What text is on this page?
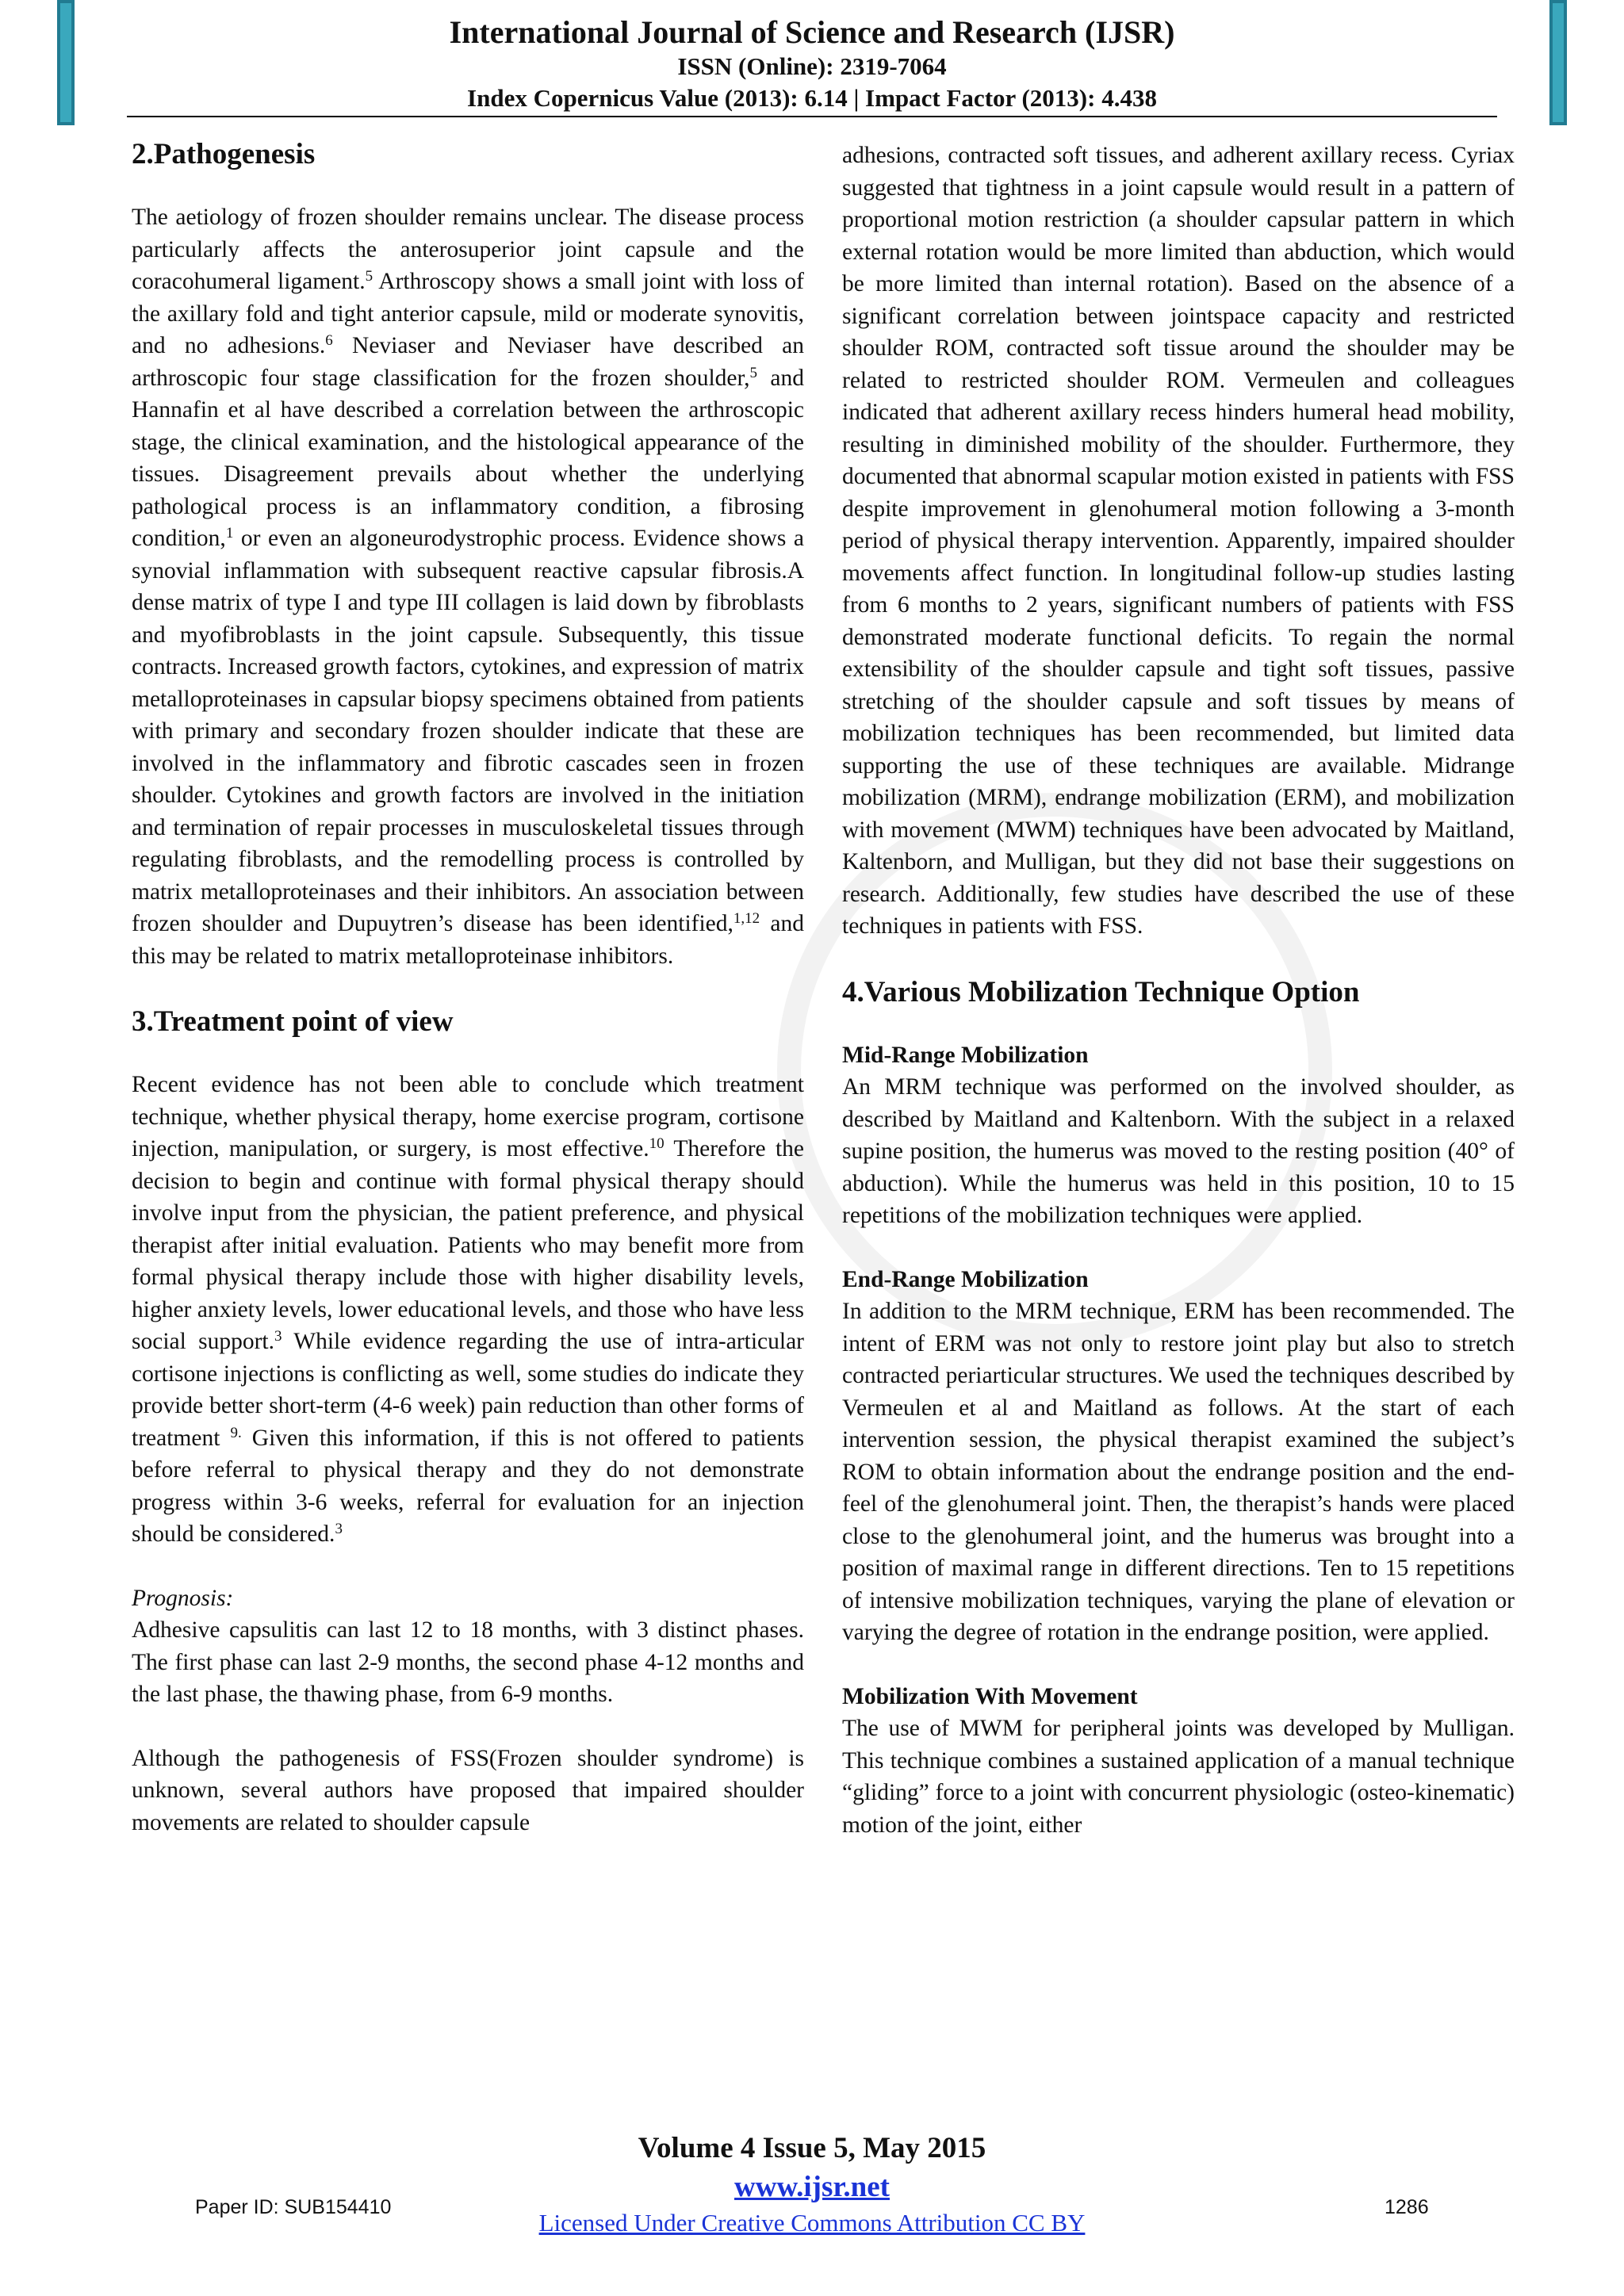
International Journal of Science and Research (IJSR)
ISSN (Online): 2319-7064
Index Copernicus Value (2013): 6.14 | Impact Factor (2013): 4.438
2.Pathogenesis

The aetiology of frozen shoulder remains unclear. The disease process particularly affects the anterosuperior joint capsule and the coracohumeral ligament.$^5$ Arthroscopy shows a small joint with loss of the axillary fold and tight anterior capsule, mild or moderate synovitis, and no adhesions.$^6$ Neviaser and Neviaser have described an arthroscopic four stage classification for the frozen shoulder,$^5$ and Hannafin et al have described a correlation between the arthroscopic stage, the clinical examination, and the histological appearance of the tissues. Disagreement prevails about whether the underlying pathological process is an inflammatory condition, a fibrosing condition,$^1$ or even an algoneurodystrophic process. Evidence shows a synovial inflammation with subsequent reactive capsular fibrosis.A dense matrix of type I and type III collagen is laid down by fibroblasts and myofibroblasts in the joint capsule. Subsequently, this tissue contracts. Increased growth factors, cytokines, and expression of matrix metalloproteinases in capsular biopsy specimens obtained from patients with primary and secondary frozen shoulder indicate that these are involved in the inflammatory and fibrotic cascades seen in frozen shoulder. Cytokines and growth factors are involved in the initiation and termination of repair processes in musculoskeletal tissues through regulating fibroblasts, and the remodelling process is controlled by matrix metalloproteinases and their inhibitors. An association between frozen shoulder and Dupuytren’s disease has been identified,$^{1,12}$ and this may be related to matrix metalloproteinase inhibitors.

3.Treatment point of view

Recent evidence has not been able to conclude which treatment technique, whether physical therapy, home exercise program, cortisone injection, manipulation, or surgery, is most effective.$^{10}$ Therefore the decision to begin and continue with formal physical therapy should involve input from the physician, the patient preference, and physical therapist after initial evaluation. Patients who may benefit more from formal physical therapy include those with higher disability levels, higher anxiety levels, lower educational levels, and those who have less social support.$^3$ While evidence regarding the use of intra-articular cortisone injections is conflicting as well, some studies do indicate they provide better short-term (4-6 week) pain reduction than other forms of treatment $^{9.}$ Given this information, if this is not offered to patients before referral to physical therapy and they do not demonstrate progress within 3-6 weeks, referral for evaluation for an injection should be considered.$^3$

Prognosis:

Adhesive capsulitis can last 12 to 18 months, with 3 distinct phases. The first phase can last 2-9 months, the second phase 4-12 months and the last phase, the thawing phase, from 6-9 months.

Although the pathogenesis of FSS(Frozen shoulder syndrome) is unknown, several authors have proposed that impaired shoulder movements are related to shoulder capsule

adhesions, contracted soft tissues, and adherent axillary recess. Cyriax suggested that tightness in a joint capsule would result in a pattern of proportional motion restriction (a shoulder capsular pattern in which external rotation would be more limited than abduction, which would be more limited than internal rotation). Based on the absence of a significant correlation between jointspace capacity and restricted shoulder ROM, contracted soft tissue around the shoulder may be related to restricted shoulder ROM. Vermeulen and colleagues indicated that adherent axillary recess hinders humeral head mobility, resulting in diminished mobility of the shoulder. Furthermore, they documented that abnormal scapular motion existed in patients with FSS despite improvement in glenohumeral motion following a 3-month period of physical therapy intervention. Apparently, impaired shoulder movements affect function. In longitudinal follow-up studies lasting from 6 months to 2 years, significant numbers of patients with FSS demonstrated moderate functional deficits. To regain the normal extensibility of the shoulder capsule and tight soft tissues, passive stretching of the shoulder capsule and soft tissues by means of mobilization techniques has been recommended, but limited data supporting the use of these techniques are available. Midrange mobilization (MRM), endrange mobilization (ERM), and mobilization with movement (MWM) techniques have been advocated by Maitland, Kaltenborn, and Mulligan, but they did not base their suggestions on research. Additionally, few studies have described the use of these techniques in patients with FSS.

4.Various Mobilization Technique Option
Mid-Range Mobilization

An MRM technique was performed on the involved shoulder, as described by Maitland and Kaltenborn. With the subject in a relaxed supine position, the humerus was moved to the resting position (40° of abduction). While the humerus was held in this position, 10 to 15 repetitions of the mobilization techniques were applied.

End-Range Mobilization

In addition to the MRM technique, ERM has been recommended. The intent of ERM was not only to restore joint play but also to stretch contracted periarticular structures. We used the techniques described by Vermeulen et al and Maitland as follows. At the start of each intervention session, the physical therapist examined the subject’s ROM to obtain information about the endrange position and the end-feel of the glenohumeral joint. Then, the therapist’s hands were placed close to the glenohumeral joint, and the humerus was brought into a position of maximal range in different directions. Ten to 15 repetitions of intensive mobilization techniques, varying the plane of elevation or varying the degree of rotation in the endrange position, were applied.

Mobilization With Movement

The use of MWM for peripheral joints was developed by Mulligan. This technique combines a sustained application of a manual technique “gliding” force to a joint with concurrent physiologic (osteo-kinematic) motion of the joint, either

Volume 4 Issue 5, May 2015
www.ijsr.net
Licensed Under Creative Commons Attribution CC BY
Paper ID: SUB154410	1286
